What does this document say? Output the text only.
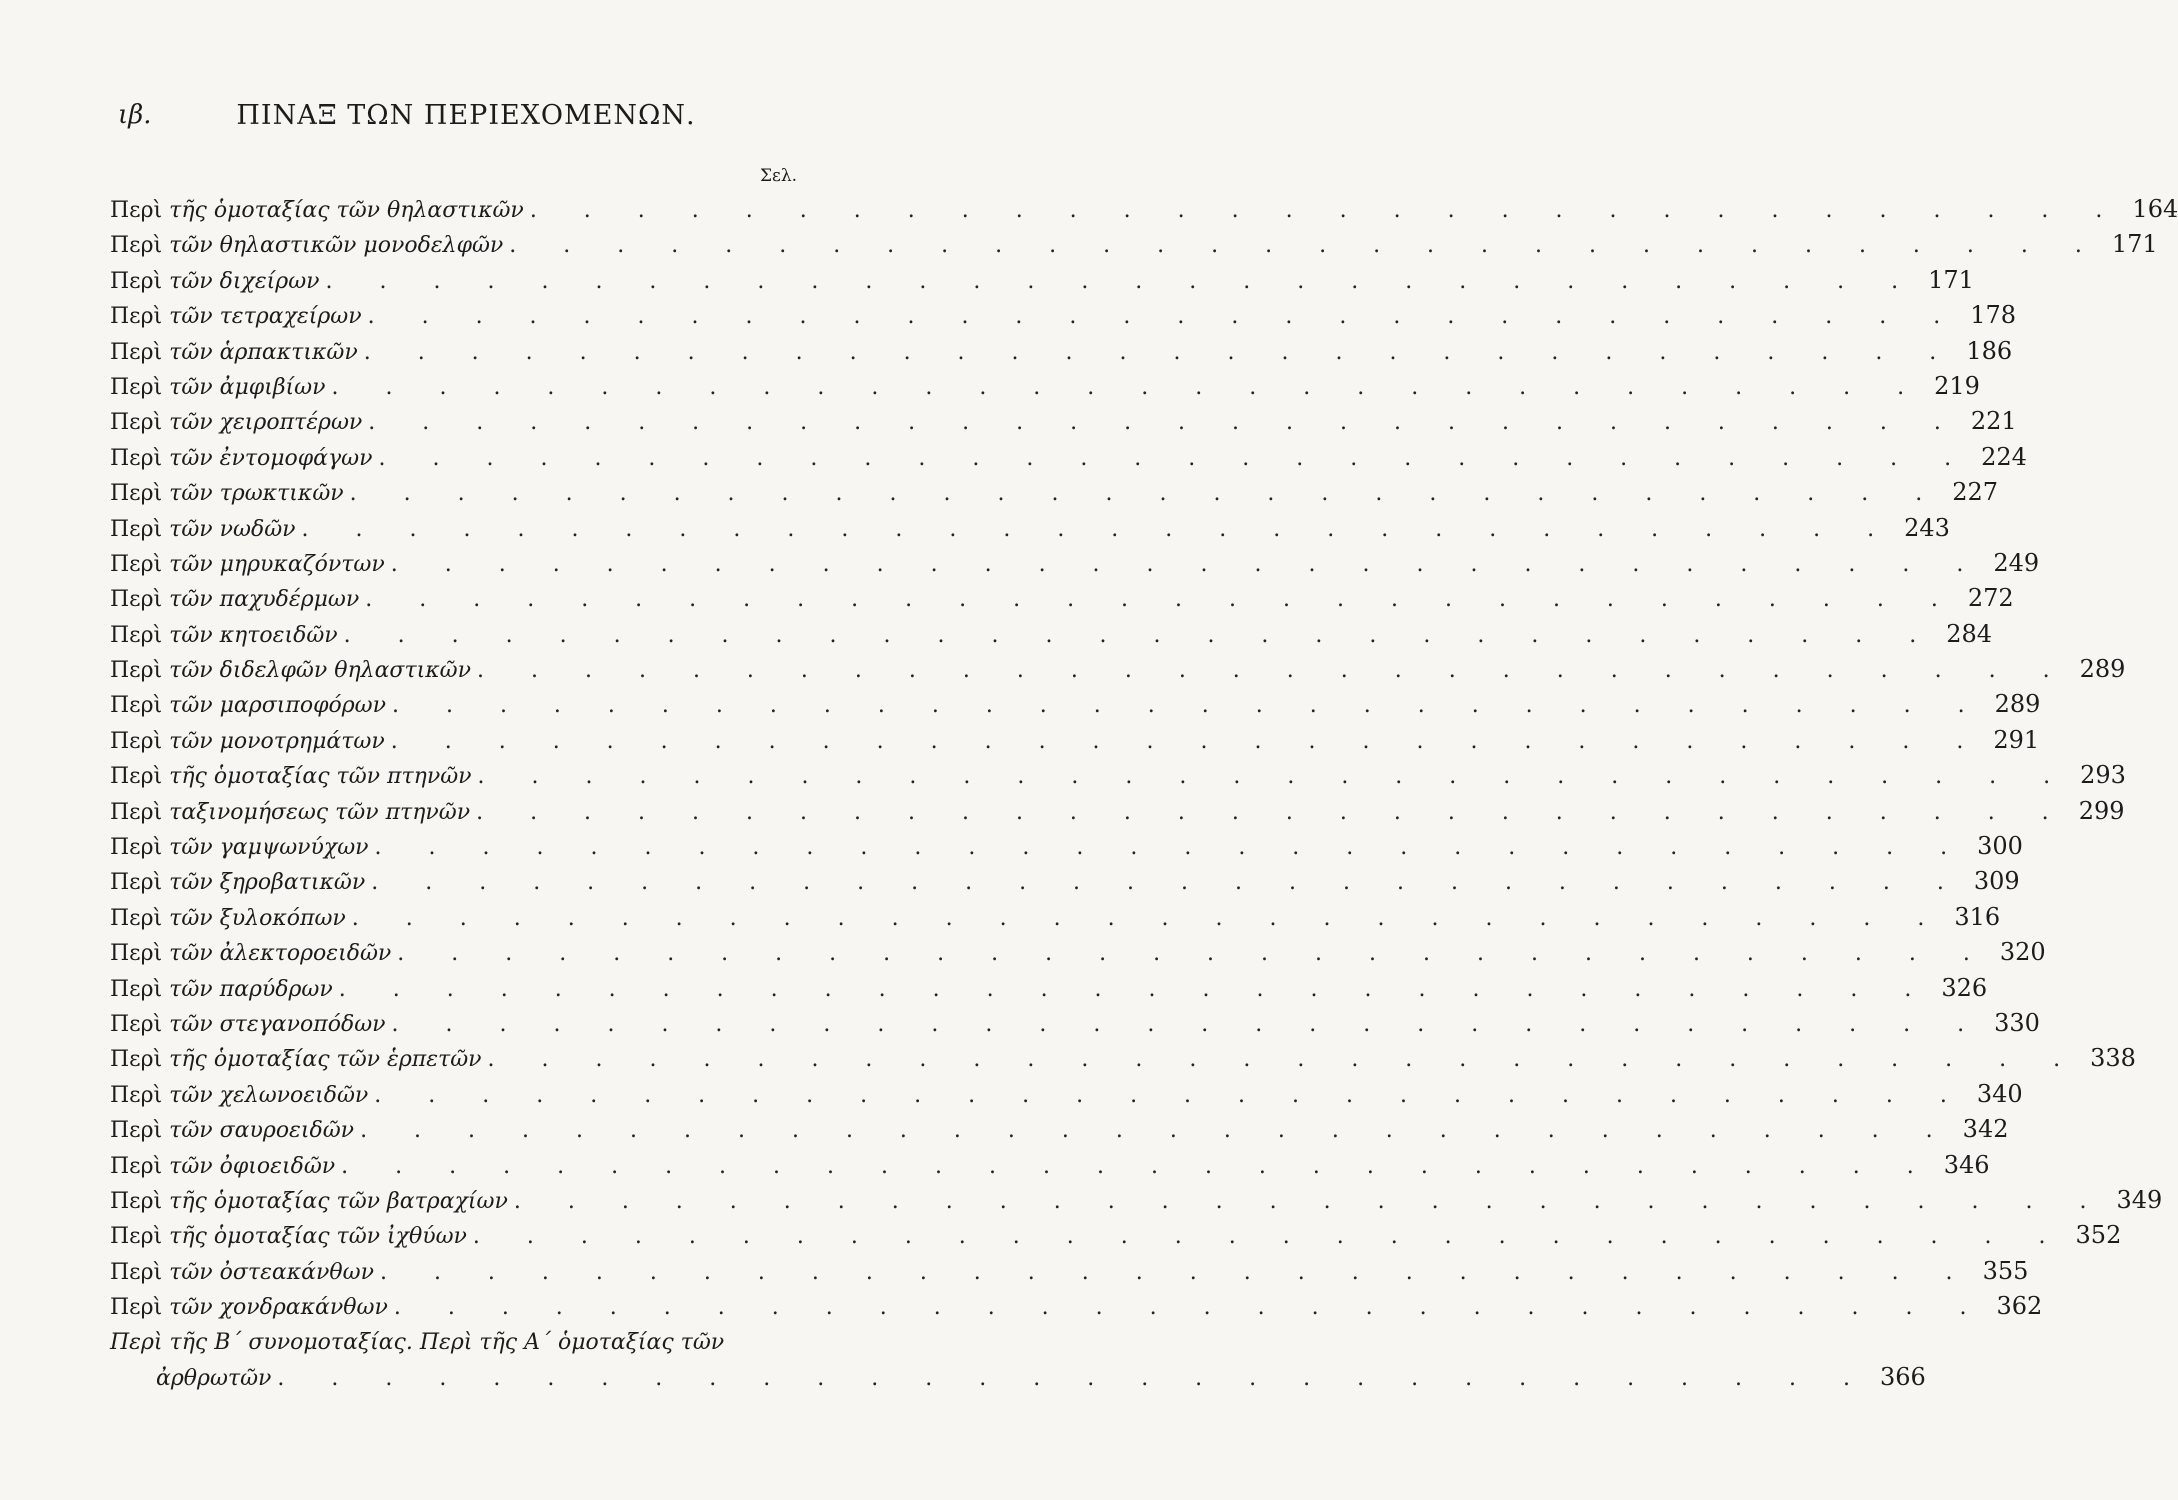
ιβ.	ΠΙΝΑΞ ΤΩΝ ΠΕΡΙΕΧΟΜΕΝΩΝ.
Σελ.
Περὶ τῆς ὁμοταξίας τῶν θηλαστικῶν . . . . . . . . . . . . . . . . . . . . . . . . . . . . . . 164
Περὶ τῶν θηλαστικῶν μονοδελφῶν . . . . . . . . . . . . . . . . . . . . . . . . . . . . . . 171
Περὶ τῶν διχείρων . . . . . . . . . . . . . . . . . . . . . . . . . . . . . . 171
Περὶ τῶν τετραχείρων . . . . . . . . . . . . . . . . . . . . . . . . . . . . . . 178
Περὶ τῶν ἁρπακτικῶν . . . . . . . . . . . . . . . . . . . . . . . . . . . . . . 186
Περὶ τῶν ἀμφιβίων . . . . . . . . . . . . . . . . . . . . . . . . . . . . . . 219
Περὶ τῶν χειροπτέρων . . . . . . . . . . . . . . . . . . . . . . . . . . . . . . 221
Περὶ τῶν ἐντομοφάγων . . . . . . . . . . . . . . . . . . . . . . . . . . . . . . 224
Περὶ τῶν τρωκτικῶν . . . . . . . . . . . . . . . . . . . . . . . . . . . . . . 227
Περὶ τῶν νωδῶν . . . . . . . . . . . . . . . . . . . . . . . . . . . . . . 243
Περὶ τῶν μηρυκαζόντων . . . . . . . . . . . . . . . . . . . . . . . . . . . . . . 249
Περὶ τῶν παχυδέρμων . . . . . . . . . . . . . . . . . . . . . . . . . . . . . . 272
Περὶ τῶν κητοειδῶν . . . . . . . . . . . . . . . . . . . . . . . . . . . . . . 284
Περὶ τῶν διδελφῶν θηλαστικῶν . . . . . . . . . . . . . . . . . . . . . . . . . . . . . . 289
Περὶ τῶν μαρσιποφόρων . . . . . . . . . . . . . . . . . . . . . . . . . . . . . . 289
Περὶ τῶν μονοτρημάτων . . . . . . . . . . . . . . . . . . . . . . . . . . . . . . 291
Περὶ τῆς ὁμοταξίας τῶν πτηνῶν . . . . . . . . . . . . . . . . . . . . . . . . . . . . . . 293
Περὶ ταξινομήσεως τῶν πτηνῶν . . . . . . . . . . . . . . . . . . . . . . . . . . . . . . 299
Περὶ τῶν γαμψωνύχων . . . . . . . . . . . . . . . . . . . . . . . . . . . . . . 300
Περὶ τῶν ξηροβατικῶν . . . . . . . . . . . . . . . . . . . . . . . . . . . . . . 309
Περὶ τῶν ξυλοκόπων . . . . . . . . . . . . . . . . . . . . . . . . . . . . . . 316
Περὶ τῶν ἀλεκτοροειδῶν . . . . . . . . . . . . . . . . . . . . . . . . . . . . . . 320
Περὶ τῶν παρύδρων . . . . . . . . . . . . . . . . . . . . . . . . . . . . . . 326
Περὶ τῶν στεγανοπόδων . . . . . . . . . . . . . . . . . . . . . . . . . . . . . . 330
Περὶ τῆς ὁμοταξίας τῶν ἑρπετῶν . . . . . . . . . . . . . . . . . . . . . . . . . . . . . . 338
Περὶ τῶν χελωνοειδῶν . . . . . . . . . . . . . . . . . . . . . . . . . . . . . . 340
Περὶ τῶν σαυροειδῶν . . . . . . . . . . . . . . . . . . . . . . . . . . . . . . 342
Περὶ τῶν ὀφιοειδῶν . . . . . . . . . . . . . . . . . . . . . . . . . . . . . . 346
Περὶ τῆς ὁμοταξίας τῶν βατραχίων . . . . . . . . . . . . . . . . . . . . . . . . . . . . . . 349
Περὶ τῆς ὁμοταξίας τῶν ἰχθύων . . . . . . . . . . . . . . . . . . . . . . . . . . . . . . 352
Περὶ τῶν ὀστεακάνθων . . . . . . . . . . . . . . . . . . . . . . . . . . . . . . 355
Περὶ τῶν χονδρακάνθων . . . . . . . . . . . . . . . . . . . . . . . . . . . . . . 362
Περὶ τῆς Β΄ συνομοταξίας. Περὶ τῆς Α΄ ὁμοταξίας τῶν
ἀρθρωτῶν . . . . . . . . . . . . . . . . . . . . . . . . . . . . . . 366
